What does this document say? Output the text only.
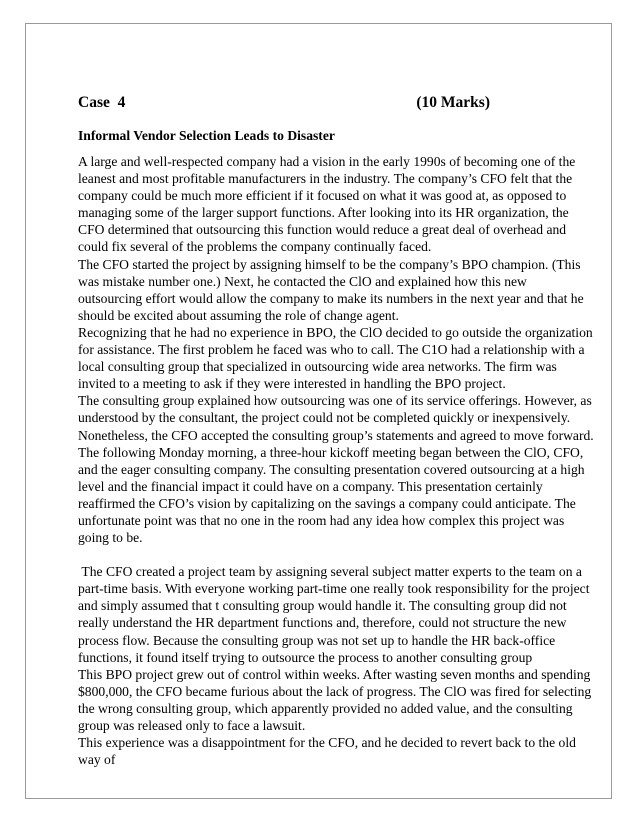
Case  4	(10 Marks)
Informal Vendor Selection Leads to Disaster

A large and well-respected company had a vision in the early 1990s of becoming one of the leanest and most profitable manufacturers in the industry. The company’s CFO felt that the company could be much more efficient if it focused on what it was good at, as opposed to managing some of the larger support functions. After looking into its HR organization, the CFO determined that outsourcing this function would reduce a great deal of overhead and could fix several of the problems the company continually faced.

The CFO started the project by assigning himself to be the company’s BPO champion. (This was mistake number one.) Next, he contacted the ClO and explained how this new outsourcing effort would allow the company to make its numbers in the next year and that he should be excited about assuming the role of change agent.

Recognizing that he had no experience in BPO, the ClO decided to go outside the organization for assistance. The first problem he faced was who to call. The C1O had a relationship with a local consulting group that specialized in outsourcing wide area networks. The firm was invited to a meeting to ask if they were interested in handling the BPO project.

The consulting group explained how outsourcing was one of its service offerings. However, as understood by the consultant, the project could not be completed quickly or inexpensively. Nonetheless, the CFO accepted the consulting group’s statements and agreed to move forward.

The following Monday morning, a three-hour kickoff meeting began between the ClO, CFO, and the eager consulting company. The consulting presentation covered outsourcing at a high level and the financial impact it could have on a company. This presentation certainly reaffirmed the CFO’s vision by capitalizing on the savings a company could anticipate. The unfortunate point was that no one in the room had any idea how complex this project was going to be.

The CFO created a project team by assigning several subject matter experts to the team on a part-time basis. With everyone working part-time one really took responsibility for the project and simply assumed that t consulting group would handle it. The consulting group did not really understand the HR department functions and, therefore, could not structure the new process flow. Because the consulting group was not set up to handle the HR back-office functions, it found itself trying to outsource the process to another consulting group

This BPO project grew out of control within weeks. After wasting seven months and spending $800,000, the CFO became furious about the lack of progress. The ClO was fired for selecting the wrong consulting group, which apparently provided no added value, and the consulting group was released only to face a lawsuit.

This experience was a disappointment for the CFO, and he decided to revert back to the old way of
